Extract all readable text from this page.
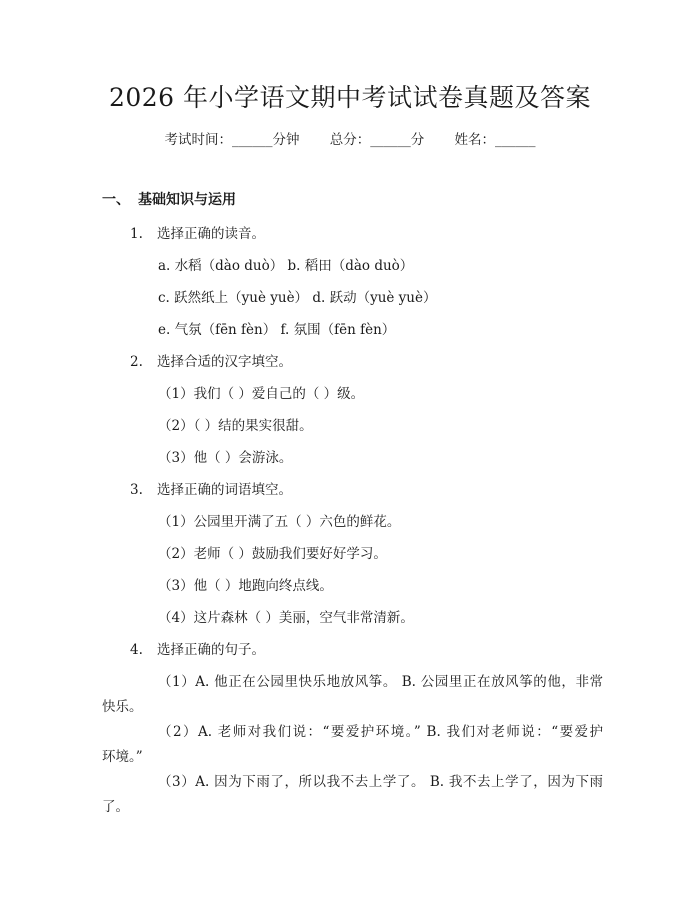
2026 年小学语文期中考试试卷真题及答案
考试时间：______分钟 总分：______分 姓名：______
一、 基础知识与运用
1. 选择正确的读音。
a. 水稻（dào duò） b. 稻田（dào duò）
c. 跃然纸上（yuè yuè） d. 跃动（yuè yuè）
e. 气氛（fēn fèn） f. 氛围（fēn fèn）
2. 选择合适的汉字填空。
（1）我们（ ）爱自己的（ ）级。
（2）（ ）结的果实很甜。
（3）他（ ）会游泳。
3. 选择正确的词语填空。
（1）公园里开满了五（ ）六色的鲜花。
（2）老师（ ）鼓励我们要好好学习。
（3）他（ ）地跑向终点线。
（4）这片森林（ ）美丽，空气非常清新。
4. 选择正确的句子。
（1）A. 他正在公园里快乐地放风筝。 B. 公园里正在放风筝的他，非常
快乐。
（2）A. 老师对我们说：“要爱护环境。” B. 我们对老师说：“要爱护
环境。”
（3）A. 因为下雨了，所以我不去上学了。 B. 我不去上学了，因为下雨
了。
